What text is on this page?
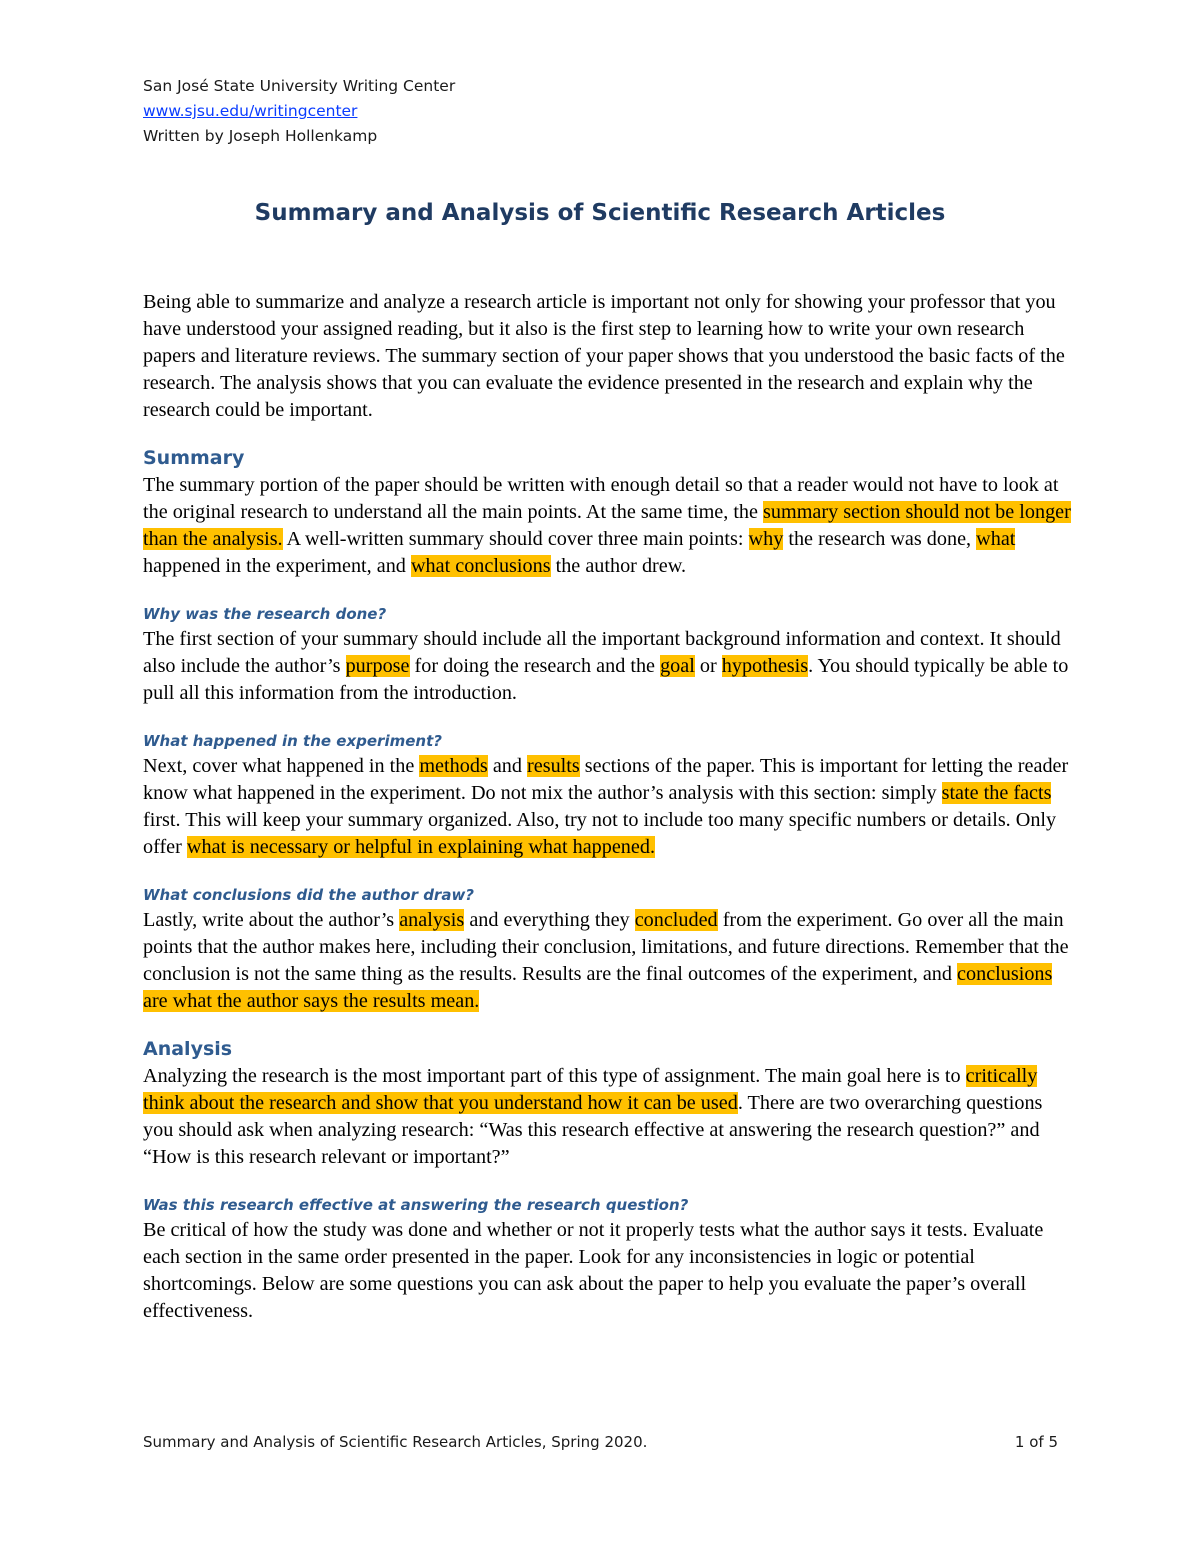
San José State University Writing Center
www.sjsu.edu/writingcenter
Written by Joseph Hollenkamp
Summary and Analysis of Scientific Research Articles

Being able to summarize and analyze a research article is important not only for showing your professor that you have understood your assigned reading, but it also is the first step to learning how to write your own research papers and literature reviews. The summary section of your paper shows that you understood the basic facts of the research. The analysis shows that you can evaluate the evidence presented in the research and explain why the research could be important.

Summary

The summary portion of the paper should be written with enough detail so that a reader would not have to look at the original research to understand all the main points. At the same time, the summary section should not be longer than the analysis. A well-written summary should cover three main points: why the research was done, what happened in the experiment, and what conclusions the author drew.

Why was the research done?

The first section of your summary should include all the important background information and context. It should also include the author’s purpose for doing the research and the goal or hypothesis. You should typically be able to pull all this information from the introduction.

What happened in the experiment?

Next, cover what happened in the methods and results sections of the paper. This is important for letting the reader know what happened in the experiment. Do not mix the author’s analysis with this section: simply state the facts first. This will keep your summary organized. Also, try not to include too many specific numbers or details. Only offer what is necessary or helpful in explaining what happened.

What conclusions did the author draw?

Lastly, write about the author’s analysis and everything they concluded from the experiment. Go over all the main points that the author makes here, including their conclusion, limitations, and future directions. Remember that the conclusion is not the same thing as the results. Results are the final outcomes of the experiment, and conclusions are what the author says the results mean.

Analysis

Analyzing the research is the most important part of this type of assignment. The main goal here is to critically think about the research and show that you understand how it can be used. There are two overarching questions you should ask when analyzing research: “Was this research effective at answering the research question?” and “How is this research relevant or important?”

Was this research effective at answering the research question?

Be critical of how the study was done and whether or not it properly tests what the author says it tests. Evaluate each section in the same order presented in the paper. Look for any inconsistencies in logic or potential shortcomings. Below are some questions you can ask about the paper to help you evaluate the paper’s overall effectiveness.

Summary and Analysis of Scientific Research Articles, Spring 2020.	1 of 5
